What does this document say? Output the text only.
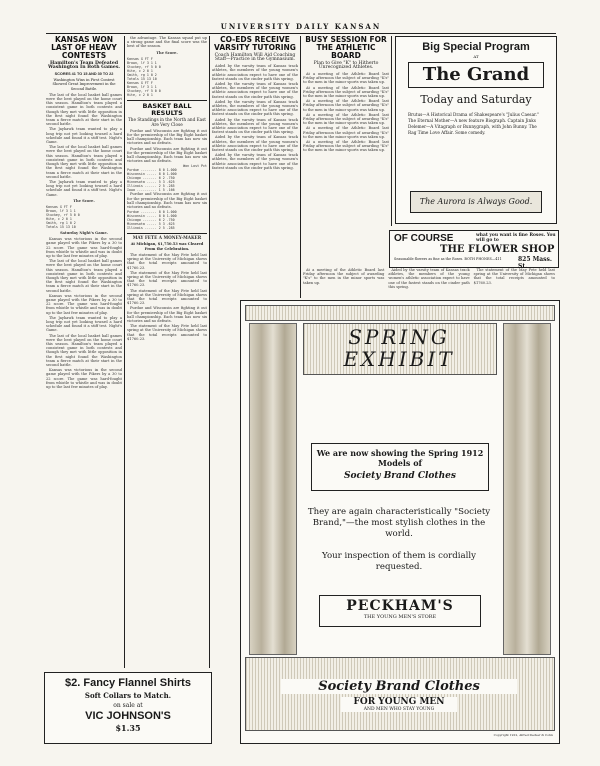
UNIVERSITY DAILY KANSAN
KANSAS WON LAST OF HEAVY CONTESTS
Hamilton's Team Defeated Washington In Both Games.
SCORES 41 TO 15 AND 30 TO 22
Washington Wins in First Contest Showed Great Improvement in the Second Battle.

The last of the local basket ball games were the best played on the home court this season. Hamilton's team played a consistent game in both contests and though they met with little opposition in the first night found the Washington team a fierce match at their start in the second battle.

The Jayhawk team wanted to play a long trip not yet looking toward a hard schedule and found it a stiff test. Night's Game.

The last of the local basket ball games were the best played on the home court this season. Hamilton's team played a consistent game in both contests and though they met with little opposition in the first night found the Washington team a fierce match at their start in the second battle.

The Jayhawk team wanted to play a long trip not yet looking toward a hard schedule and found it a stiff test. Night's Game.

The Score.
Kansas G FT F
Brown, lf 3 1 1
Stuckey, rf 5 0 0
Hite, c 2 0 1
Smith, rg 1 0 2
Totals 15 13 10
Saturday Night's Game.

Kansas was victorious in the second game played with the Pikers by a 30 to 22 score. The game was hard-fought from whistle to whistle and was in doubt up to the last few minutes of play.

The last of the local basket ball games were the best played on the home court this season. Hamilton's team played a consistent game in both contests and though they met with little opposition in the first night found the Washington team a fierce match at their start in the second battle.

Kansas was victorious in the second game played with the Pikers by a 30 to 22 score. The game was hard-fought from whistle to whistle and was in doubt up to the last few minutes of play.

The Jayhawk team wanted to play a long trip not yet looking toward a hard schedule and found it a stiff test. Night's Game.

The last of the local basket ball games were the best played on the home court this season. Hamilton's team played a consistent game in both contests and though they met with little opposition in the first night found the Washington team a fierce match at their start in the second battle.

Kansas was victorious in the second game played with the Pikers by a 30 to 22 score. The game was hard-fought from whistle to whistle and was in doubt up to the last few minutes of play.

the advantage. The Kansas squad put up a strong game and the final score was the best of the season.

The Score.
Kansas G FT F
Brown, lf 3 1 1
Stuckey, rf 5 0 0
Hite, c 2 0 1
Smith, rg 1 0 2
Totals 15 13 10
Kansas G FT F
Brown, lf 3 1 1
Stuckey, rf 5 0 0
Hite, c 2 0 1
BASKET BALL RESULTS
The Standings in the North and East Are Very Close

Purdue and Wisconsin are fighting it out for the premiership of the Big Eight basket ball championship. Each team has now six victories and no defeats.

Purdue and Wisconsin are fighting it out for the premiership of the Big Eight basket ball championship. Each team has now six victories and no defeats.

Won Lost Pct
Purdue ........ 8 0 1.000
Wisconsin ..... 8 0 1.000
Chicago ....... 6 2 .750
Minnesota ..... 5 3 .625
Illinois ...... 2 5 .285
Iowa .......... 1 5 .166

Purdue and Wisconsin are fighting it out for the premiership of the Big Eight basket ball championship. Each team has now six victories and no defeats.

Purdue ........ 8 0 1.000
Wisconsin ..... 8 0 1.000
Chicago ....... 6 2 .750
Minnesota ..... 5 3 .625
Illinois ...... 2 5 .285
MAY FETE A MONEY-MAKER
At Michigan, $1,750.53 was Cleared From the Celebration.

The statement of the May Fete held last spring at the University of Michigan shows that the total receipts amounted to $1760.23.

The statement of the May Fete held last spring at the University of Michigan shows that the total receipts amounted to $1760.23.

The statement of the May Fete held last spring at the University of Michigan shows that the total receipts amounted to $1760.23.

Purdue and Wisconsin are fighting it out for the premiership of the Big Eight basket ball championship. Each team has now six victories and no defeats.

The statement of the May Fete held last spring at the University of Michigan shows that the total receipts amounted to $1760.23.

CO-EDS RECEIVE VARSITY TUTORING
Coach Hamilton Will Aid Coaching Staff—Practice in the Gymnasium.

Aided by the varsity team of Kansas track athletes, the members of the young women's athletic association expect to have one of the fastest stands on the cinder path this spring.

Aided by the varsity team of Kansas track athletes, the members of the young women's athletic association expect to have one of the fastest stands on the cinder path this spring.

Aided by the varsity team of Kansas track athletes, the members of the young women's athletic association expect to have one of the fastest stands on the cinder path this spring.

Aided by the varsity team of Kansas track athletes, the members of the young women's athletic association expect to have one of the fastest stands on the cinder path this spring.

Aided by the varsity team of Kansas track athletes, the members of the young women's athletic association expect to have one of the fastest stands on the cinder path this spring.

Aided by the varsity team of Kansas track athletes, the members of the young women's athletic association expect to have one of the fastest stands on the cinder path this spring.

BUSY SESSION FOR THE ATHLETIC BOARD
Plan to Give "K" to Hitherto Unrecognized Athletes.

At a meeting of the Athletic Board last Friday afternoon the subject of awarding "K's" to the men in the minor sports was taken up.

At a meeting of the Athletic Board last Friday afternoon the subject of awarding "K's" to the men in the minor sports was taken up.

At a meeting of the Athletic Board last Friday afternoon the subject of awarding "K's" to the men in the minor sports was taken up.

At a meeting of the Athletic Board last Friday afternoon the subject of awarding "K's" to the men in the minor sports was taken up.

At a meeting of the Athletic Board last Friday afternoon the subject of awarding "K's" to the men in the minor sports was taken up.

At a meeting of the Athletic Board last Friday afternoon the subject of awarding "K's" to the men in the minor sports was taken up.

Big Special Program
AT
The Grand
Today and Saturday
Brutus—A Historical Drama of Shakespeare's "Julius Caesar." The Eternal Mother—A new feature Biograph. Captain Jinks Delemer—A Vitagraph or Bunnygraph, with John Bunny. The Rag Time Love Affair. Some comedy.
The Aurora is Always Good.
OF COURSE	what you want is fine Roses. You will go to
THE FLOWER SHOP
Seasonable flowers as fine as the Roses. BOTH PHONES—411	825 Mass. St.

At a meeting of the Athletic Board last Friday afternoon the subject of awarding "K's" to the men in the minor sports was taken up.

Aided by the varsity team of Kansas track athletes, the members of the young women's athletic association expect to have one of the fastest stands on the cinder path this spring.

The statement of the May Fete held last spring at the University of Michigan shows that the total receipts amounted to $1760.23.

SPRING
EXHIBIT
We are now showing the Spring 1912 Models of
Society Brand Clothes
They are again characteristically "Society Brand,"—the most stylish clothes in the world.
Your inspection of them is cordially requested.
PECKHAM'S
THE YOUNG MEN'S STORE
Society Brand Clothes
FOR YOUNG MEN
AND MEN WHO STAY YOUNG
Copyright 1912, Alfred Decker & Cohn
$2. Fancy Flannel Shirts
Soft Collars to Match.
on sale at
VIC JOHNSON'S
$1.35
